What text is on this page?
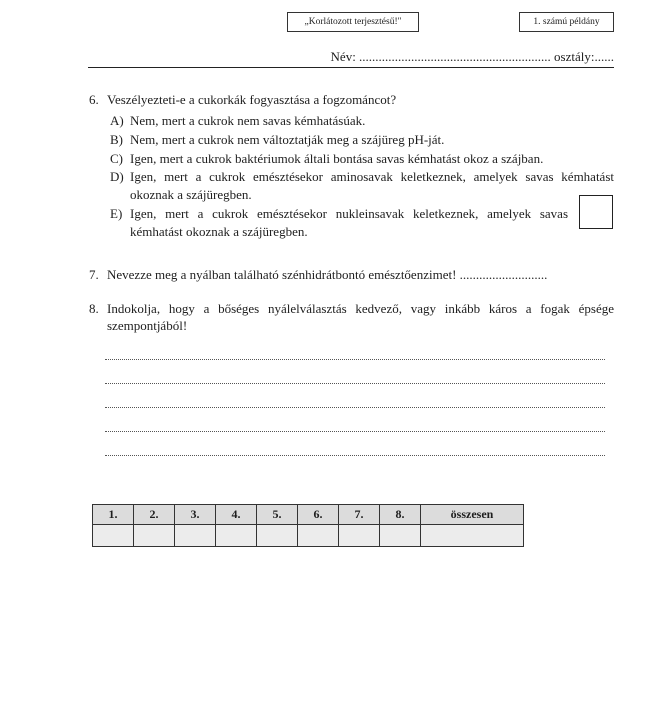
„Korlátozott terjesztésű!"	1. számú példány
Név: ........................................................... osztály:......
6. Veszélyezteti-e a cukorkák fogyasztása a fogzománcot?
A) Nem, mert a cukrok nem savas kémhatásúak.
B) Nem, mert a cukrok nem változtatják meg a szájüreg pH-ját.
C) Igen, mert a cukrok baktériumok általi bontása savas kémhatást okoz a szájban.
D) Igen, mert a cukrok emésztésekor aminosavak keletkeznek, amelyek savas kémhatást
okoznak a szájüregben.
E) Igen, mert a cukrok emésztésekor nukleinsavak keletkeznek, amelyek savas
kémhatást okoznak a szájüregben.
7. Nevezze meg a nyálban található szénhidrátbontó emésztőenzimet! ...........................
8. Indokolja, hogy a bőséges nyálelválasztás kedvező, vagy inkább káros a fogak épsége
szempontjából!
1.	2.	3.	4.	5.	6.	7.	8.	összesen
